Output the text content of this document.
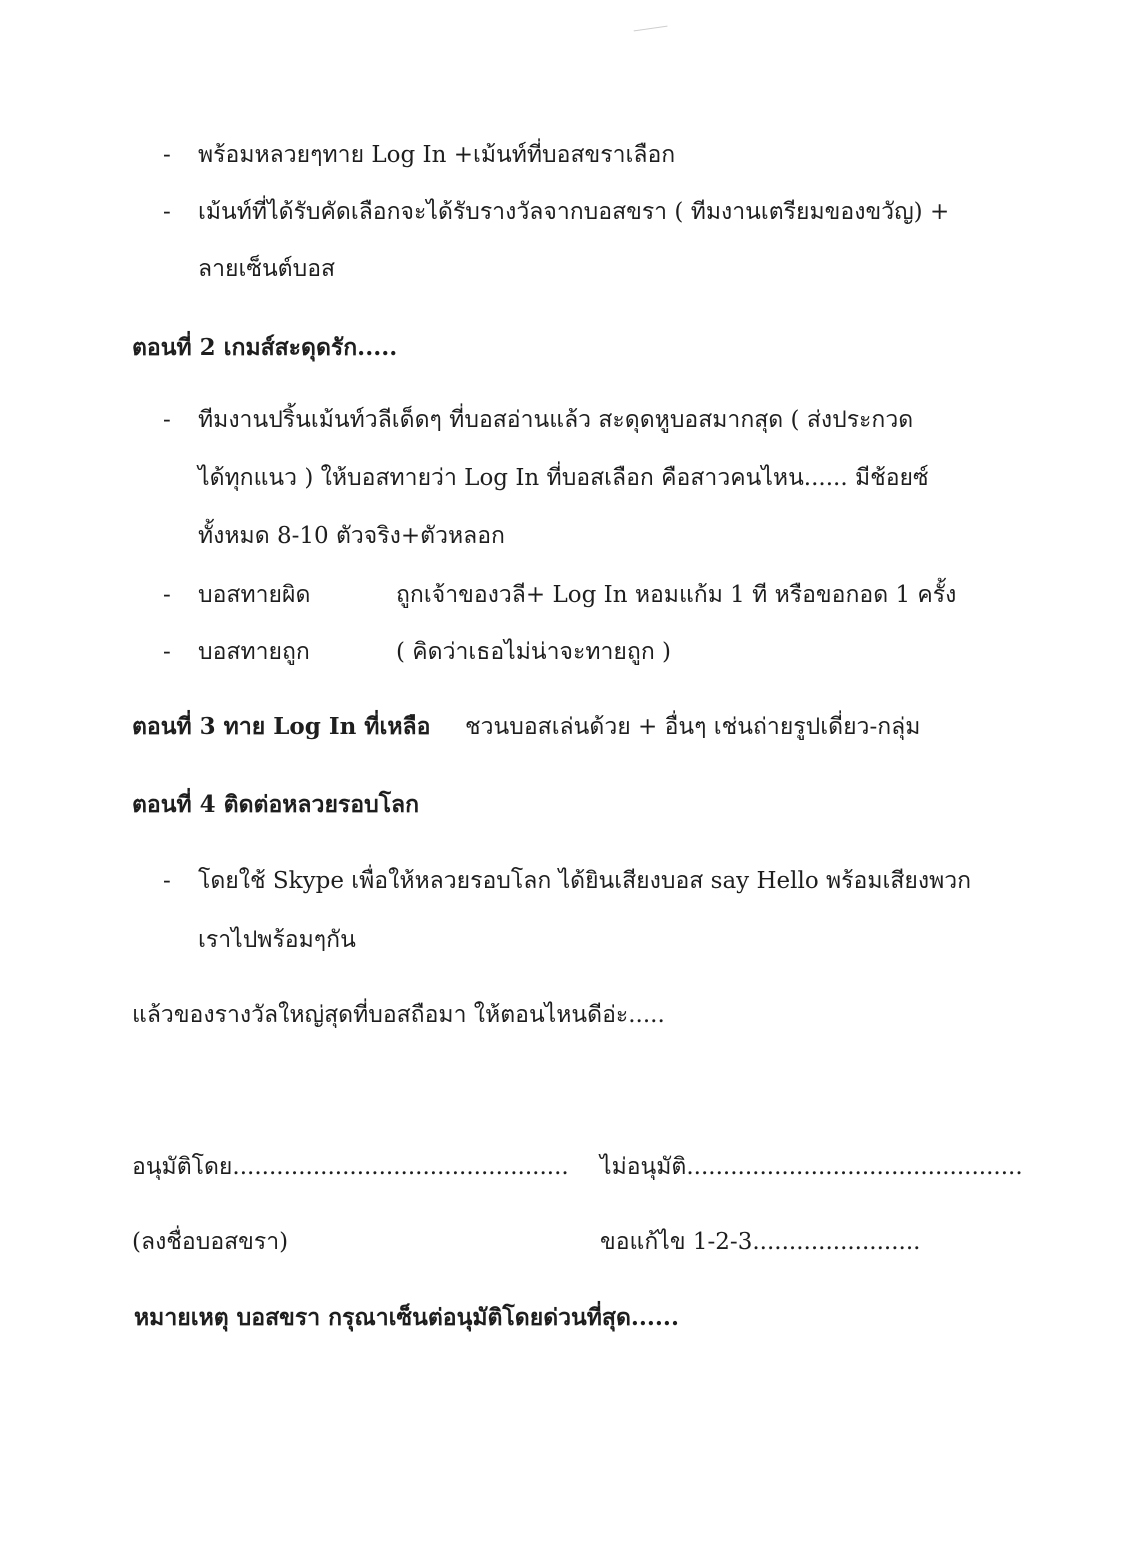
- พร้อมหลวยๆทาย Log In +เม้นท์ที่บอสขราเลือก
- เม้นท์ที่ได้รับคัดเลือกจะได้รับรางวัลจากบอสขรา ( ทีมงานเตรียมของขวัญ) +
ลายเซ็นต์บอส
ตอนที่ 2 เกมส์สะดุดรัก.....
- ทีมงานปริ้นเม้นท์วลีเด็ดๆ ที่บอสอ่านแล้ว สะดุดหูบอสมากสุด ( ส่งประกวด
ได้ทุกแนว ) ให้บอสทายว่า Log In ที่บอสเลือก คือสาวคนไหน...... มีช้อยซ์
ทั้งหมด 8-10 ตัวจริง+ตัวหลอก
- บอสทายผิด	ถูกเจ้าของวลี+ Log In หอมแก้ม 1 ที หรือขอกอด 1 ครั้ง
- บอสทายถูก	( คิดว่าเธอไม่น่าจะทายถูก )
ตอนที่ 3 ทาย Log In ที่เหลือ ชวนบอสเล่นด้วย + อื่นๆ เช่นถ่ายรูปเดี่ยว-กลุ่ม
ตอนที่ 4 ติดต่อหลวยรอบโลก
- โดยใช้ Skype เพื่อให้หลวยรอบโลก ได้ยินเสียงบอส say Hello พร้อมเสียงพวก
เราไปพร้อมๆกัน
แล้วของรางวัลใหญ่สุดที่บอสถือมา ให้ตอนไหนดีอ่ะ.....
อนุมัติโดย.............................................. ไม่อนุมัติ..............................................
(ลงชื่อบอสขรา)	ขอแก้ไข 1-2-3.......................
หมายเหตุ บอสขรา กรุณาเซ็นต่อนุมัติโดยด่วนที่สุด......
